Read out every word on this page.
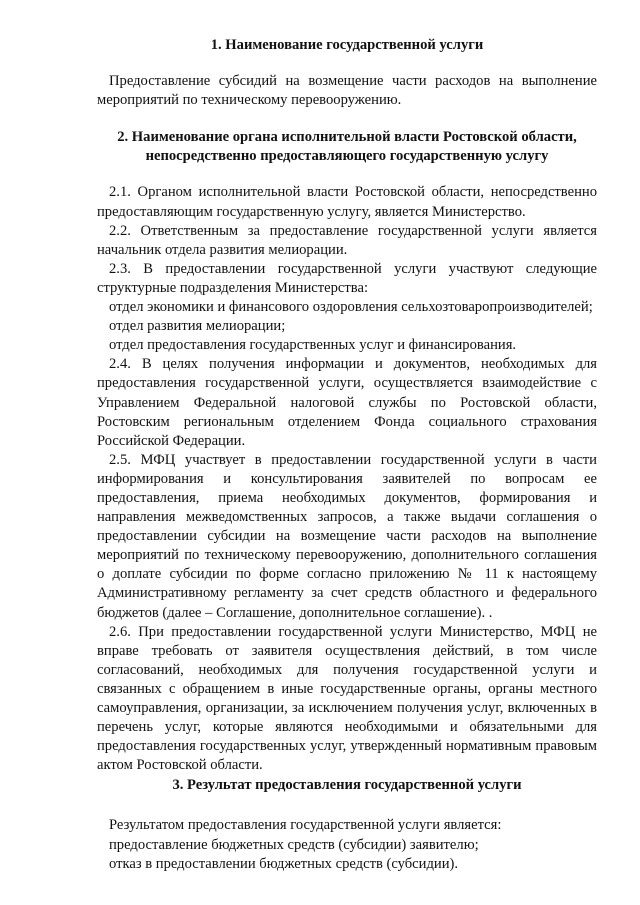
1. Наименование государственной услуги

Предоставление субсидий на возмещение части расходов на выполнение мероприятий по техническому перевооружению.

2. Наименование органа исполнительной власти Ростовской области,

непосредственно предоставляющего государственную услугу

2.1. Органом исполнительной власти Ростовской области, непосредственно предоставляющим государственную услугу, является Министерство.

2.2. Ответственным за предоставление государственной услуги является начальник отдела развития мелиорации.

2.3. В предоставлении государственной услуги участвуют следующие структурные подразделения Министерства:

отдел экономики и финансового оздоровления сельхозтоваропроизводителей;

отдел развития мелиорации;

отдел предоставления государственных услуг и финансирования.

2.4. В целях получения информации и документов, необходимых для предоставления государственной услуги, осуществляется взаимодействие с Управлением Федеральной налоговой службы по Ростовской области, Ростовским региональным отделением Фонда социального страхования Российской Федерации.

2.5. МФЦ участвует в предоставлении государственной услуги в части информирования и консультирования заявителей по вопросам ее предоставления, приема необходимых документов, формирования и направления межведомственных запросов, а также выдачи соглашения о предоставлении субсидии на возмещение части расходов на выполнение мероприятий по техническому перевооружению, дополнительного соглашения о доплате субсидии по форме согласно приложению № 11 к настоящему Административному регламенту за счет средств областного и федерального бюджетов (далее – Соглашение, дополнительное соглашение). .

2.6. При предоставлении государственной услуги Министерство, МФЦ не вправе требовать от заявителя осуществления действий, в том числе согласований, необходимых для получения государственной услуги и связанных с обращением в иные государственные органы, органы местного самоуправления, организации, за исключением получения услуг, включенных в перечень услуг, которые являются необходимыми и обязательными для предоставления государственных услуг, утвержденный нормативным правовым актом Ростовской области.

3. Результат предоставления государственной услуги

Результатом предоставления государственной услуги является:

предоставление бюджетных средств (субсидии) заявителю;

отказ в предоставлении бюджетных средств (субсидии).
